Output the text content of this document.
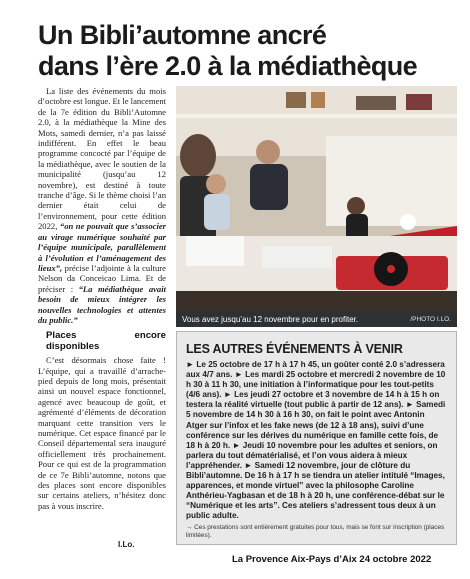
Un Bibli’automne ancré
dans l’ère 2.0 à la médiathèque

La liste des événements du mois d’octobre est longue. Et le lancement de la 7e édition du Bibli’Automne 2.0, à la médiathèque la Mine des Mots, samedi dernier, n’a pas laissé indifférent. En effet le beau programme concocté par l’équipe de la médiathèque, avec le soutien de la municipalité (jusqu’au 12 novembre), est destiné à toute tranche d’âge. Si le thème choisi l’an dernier était celui de l’environnement, pour cette édition 2022, “on ne pouvait que s’associer au virage numérique souhaité par l’équipe municipale, parallèlement à l’évolution et l’aménagement des lieux”, précise l’adjointe à la culture Nelson da Conceicao Lima. Et de préciser : “La médiathèque avait besoin de mieux intégrer les nouvelles technologies et attentes du public.”

Places encore disponibles

C’est désormais chose faite ! L’équipe, qui a travaillé d’arrache-pied depuis de long mois, présentait ainsi un nouvel espace fonctionnel, agencé avec beaucoup de goût, et agrémenté d’éléments de décoration marquant cette transition vers le numérique. Cet espace financé par le Conseil départemental sera inauguré officiellement très prochainement. Pour ce qui est de la programmation de ce 7e Bibli’automne, notons que des places sont encore disponibles sur certains ateliers, n’hésitez donc pas à vous inscrire.

I.Lo.
Vous avez jusqu’au 12 novembre pour en profiter.	/PHOTO I.LO.
LES AUTRES ÉVÉNEMENTS À VENIR

► Le 25 octobre de 17 h à 17 h 45, un goûter conté 2.0 s’adressera aux 4/7 ans. ► Les mardi 25 octobre et mercredi 2 novembre de 10 h 30 à 11 h 30, une initiation à l’informatique pour les tout-petits (4/6 ans). ► Les jeudi 27 octobre et 3 novembre de 14 h à 15 h on testera la réalité virtuelle (tout public à partir de 12 ans). ► Samedi 5 novembre de 14 h 30 à 16 h 30, on fait le point avec Antonin Atger sur l’infox et les fake news (de 12 à 18 ans), suivi d’une conférence sur les dérives du numérique en famille cette fois, de 18 h à 20 h. ► Jeudi 10 novembre pour les adultes et seniors, on parlera du tout dématérialisé, et l’on vous aidera à mieux l’appréhender. ► Samedi 12 novembre, jour de clôture du Bibli’automne. De 16 h à 17 h se tiendra un atelier intitulé “Images, apparences, et monde virtuel” avec la philosophe Caroline Anthérieu-Yagbasan et de 18 h à 20 h, une conférence-débat sur le “Numérique et les arts”. Ces ateliers s’adressent tous deux à un public adulte.

→ Ces prestations sont entièrement gratuites pour tous, mais se font sur inscription (places limitées).
La Provence Aix-Pays d’Aix 24 octobre 2022
